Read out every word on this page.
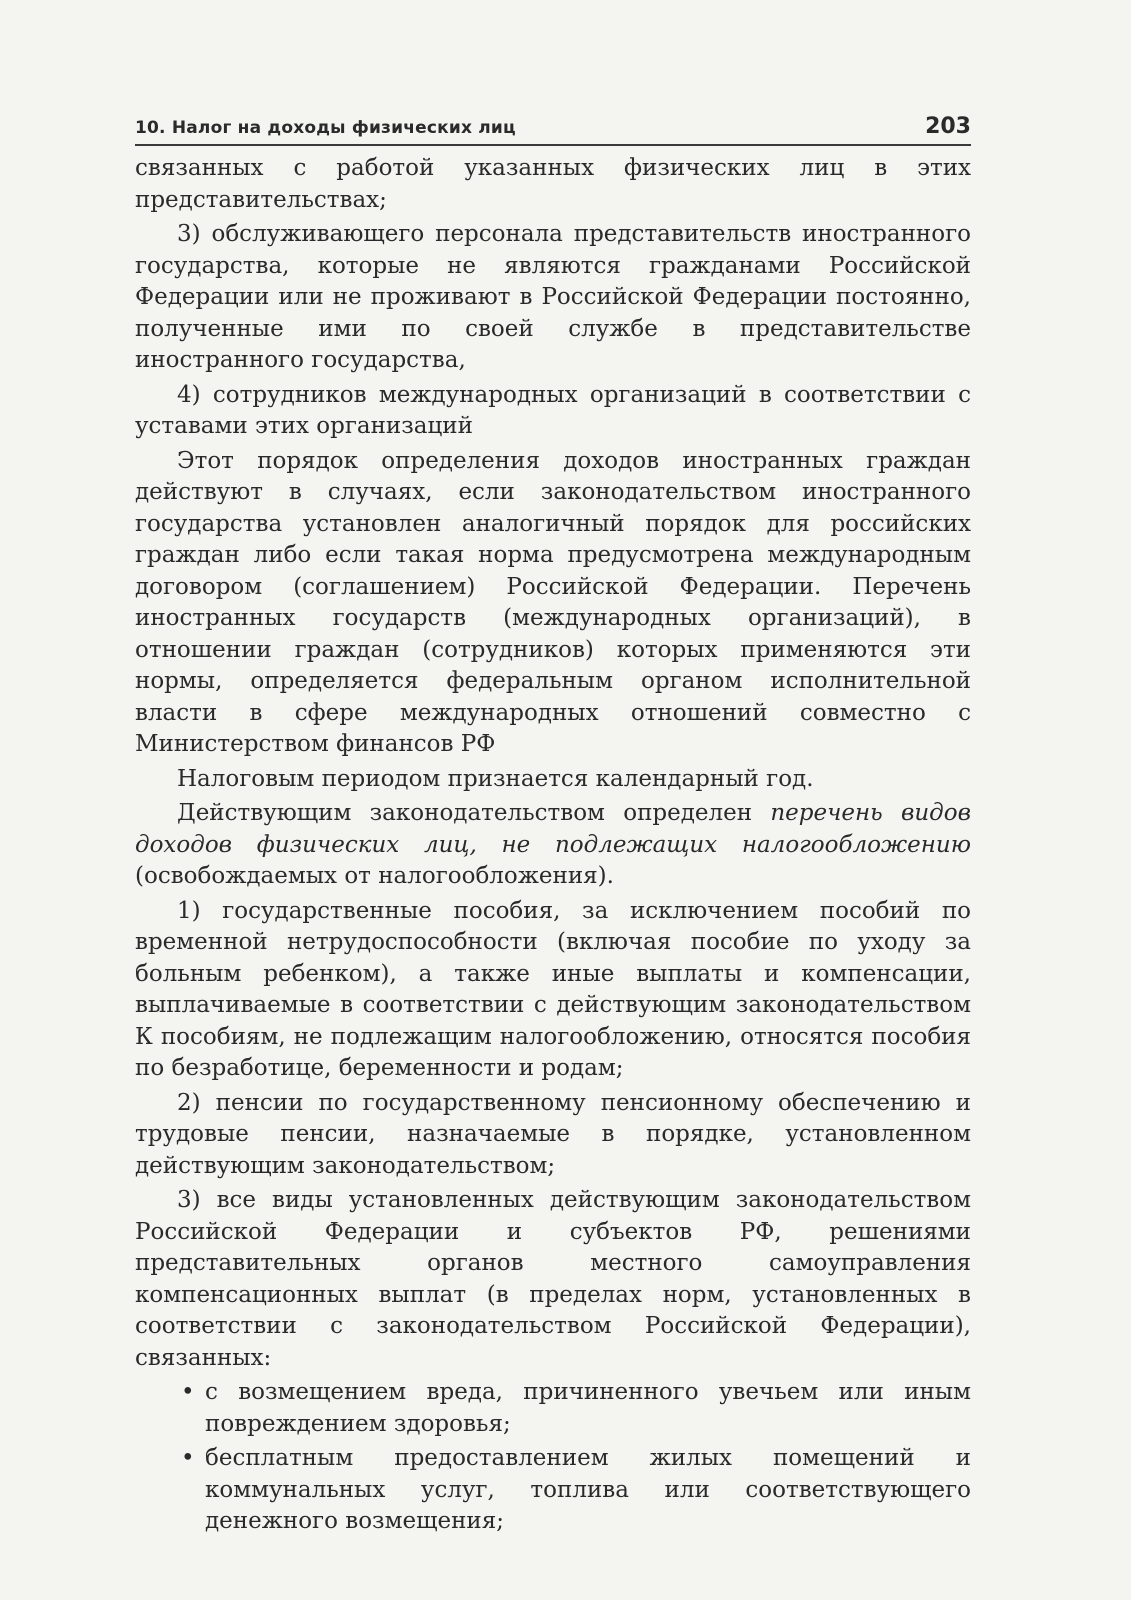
10. Налог на доходы физических лиц	203

связанных с работой указанных физических лиц в этих представительствах;

3) обслуживающего персонала представительств иностранного государства, которые не являются гражданами Российской Федерации или не проживают в Российской Федерации постоянно, полученные ими по своей службе в представительстве иностранного государства,

4) сотрудников международных организаций в соответствии с уставами этих организаций

Этот порядок определения доходов иностранных граждан действуют в случаях, если законодательством иностранного государства установлен аналогичный порядок для российских граждан либо если такая норма предусмотрена международным договором (соглашением) Российской Федерации. Перечень иностранных государств (международных организаций), в отношении граждан (сотрудников) которых применяются эти нормы, определяется федеральным органом исполнительной власти в сфере международных отношений совместно с Министерством финансов РФ

Налоговым периодом признается календарный год.

Действующим законодательством определен перечень видов доходов физических лиц, не подлежащих налогообложению (освобождаемых от налогообложения).

1) государственные пособия, за исключением пособий по временной нетрудоспособности (включая пособие по уходу за больным ребенком), а также иные выплаты и компенсации, выплачиваемые в соответствии с действующим законодательством К пособиям, не подлежащим налогообложению, относятся пособия по безработице, беременности и родам;

2) пенсии по государственному пенсионному обеспечению и трудовые пенсии, назначаемые в порядке, установленном действующим законодательством;

3) все виды установленных действующим законодательством Российской Федерации и субъектов РФ, решениями представительных органов местного самоуправления компенсационных выплат (в пределах норм, установленных в соответствии с законодательством Российской Федерации), связанных:

• с возмещением вреда, причиненного увечьем или иным повреждением здоровья;
• бесплатным предоставлением жилых помещений и коммунальных услуг, топлива или соответствующего денежного возмещения;
